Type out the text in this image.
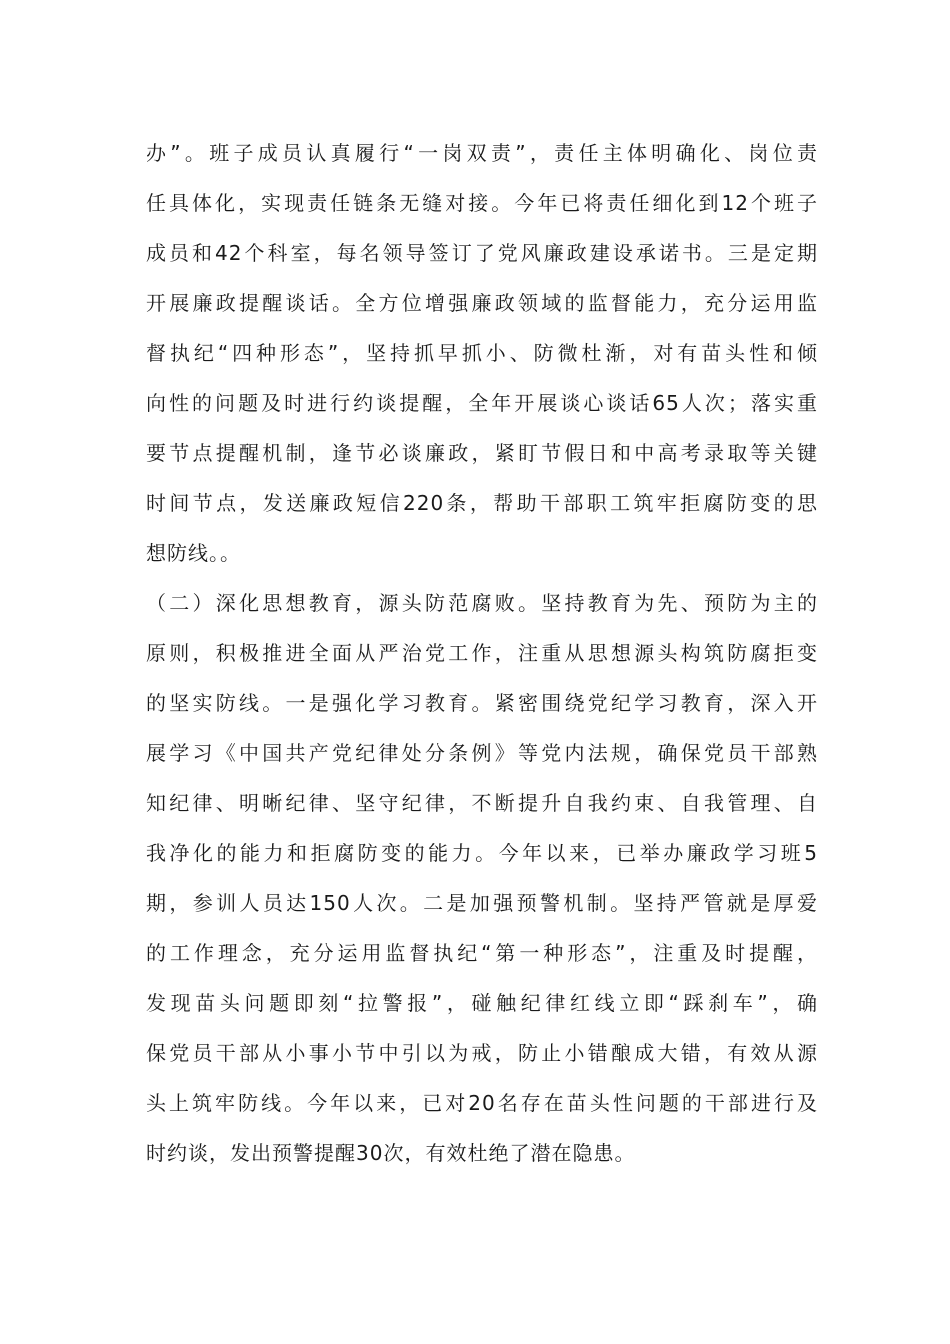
办”。班子成员认真履行“一岗双责”，责任主体明确化、岗位责
任具体化，实现责任链条无缝对接。今年已将责任细化到12个班子
成员和42个科室，每名领导签订了党风廉政建设承诺书。三是定期
开展廉政提醒谈话。全方位增强廉政领域的监督能力，充分运用监
督执纪“四种形态”，坚持抓早抓小、防微杜渐，对有苗头性和倾
向性的问题及时进行约谈提醒，全年开展谈心谈话65人次；落实重
要节点提醒机制，逢节必谈廉政，紧盯节假日和中高考录取等关键
时间节点，发送廉政短信220条，帮助干部职工筑牢拒腐防变的思
想防线。。
（二）深化思想教育，源头防范腐败。坚持教育为先、预防为主的
原则，积极推进全面从严治党工作，注重从思想源头构筑防腐拒变
的坚实防线。一是强化学习教育。紧密围绕党纪学习教育，深入开
展学习《中国共产党纪律处分条例》等党内法规，确保党员干部熟
知纪律、明晰纪律、坚守纪律，不断提升自我约束、自我管理、自
我净化的能力和拒腐防变的能力。今年以来，已举办廉政学习班5
期，参训人员达150人次。二是加强预警机制。坚持严管就是厚爱
的工作理念，充分运用监督执纪“第一种形态”，注重及时提醒，
发现苗头问题即刻“拉警报”，碰触纪律红线立即“踩刹车”，确
保党员干部从小事小节中引以为戒，防止小错酿成大错，有效从源
头上筑牢防线。今年以来，已对20名存在苗头性问题的干部进行及
时约谈，发出预警提醒30次，有效杜绝了潜在隐患。
